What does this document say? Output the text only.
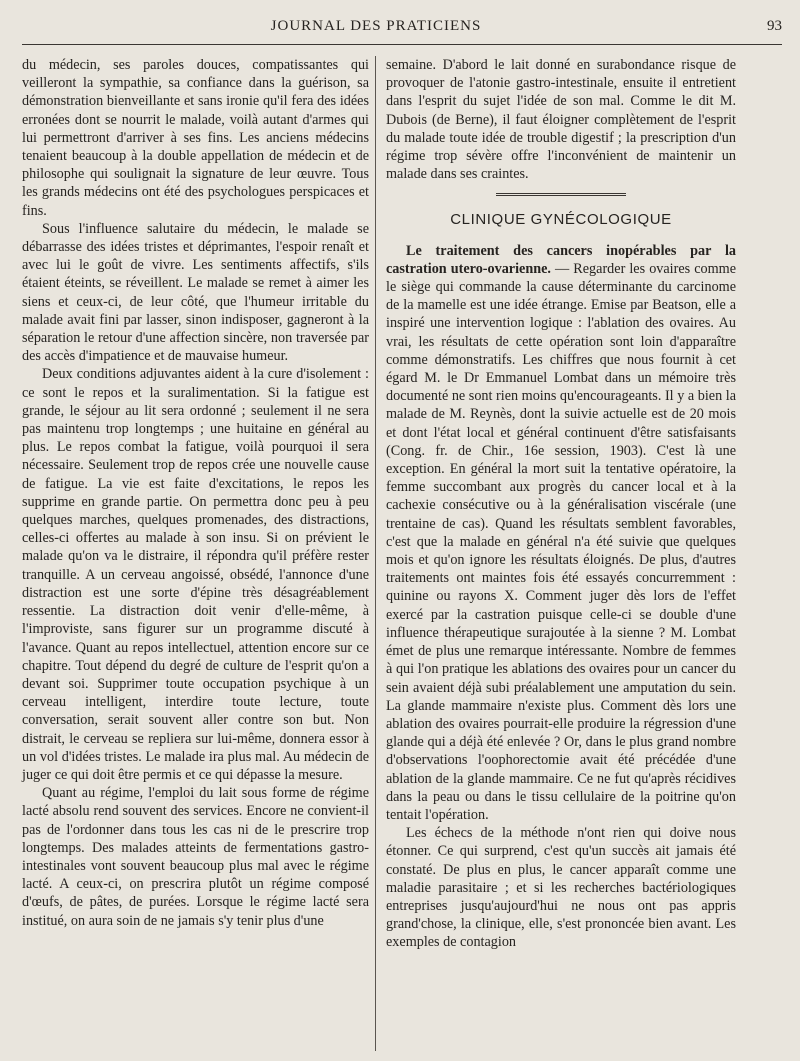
JOURNAL DES PRATICIENS	93

du médecin, ses paroles douces, compatissantes qui veilleront la sympathie, sa confiance dans la guérison, sa démonstration bienveillante et sans ironie qu'il fera des idées erronées dont se nourrit le malade, voilà autant d'armes qui lui permettront d'arriver à ses fins. Les anciens médecins tenaient beaucoup à la double appellation de médecin et de philosophe qui soulignait la signature de leur œuvre. Tous les grands médecins ont été des psychologues perspicaces et fins.

Sous l'influence salutaire du médecin, le malade se débarrasse des idées tristes et déprimantes, l'espoir renaît et avec lui le goût de vivre. Les sentiments affectifs, s'ils étaient éteints, se réveillent. Le malade se remet à aimer les siens et ceux-ci, de leur côté, que l'humeur irritable du malade avait fini par lasser, sinon indisposer, gagneront à la séparation le retour d'une affection sincère, non traversée par des accès d'impatience et de mauvaise humeur.

Deux conditions adjuvantes aident à la cure d'isolement : ce sont le repos et la suralimentation. Si la fatigue est grande, le séjour au lit sera ordonné ; seulement il ne sera pas maintenu trop longtemps ; une huitaine en général au plus. Le repos combat la fatigue, voilà pourquoi il sera nécessaire. Seulement trop de repos crée une nouvelle cause de fatigue. La vie est faite d'excitations, le repos les supprime en grande partie. On permettra donc peu à peu quelques marches, quelques promenades, des distractions, celles-ci offertes au malade à son insu. Si on prévient le malade qu'on va le distraire, il répondra qu'il préfère rester tranquille. A un cerveau angoissé, obsédé, l'annonce d'une distraction est une sorte d'épine très désagréablement ressentie. La distraction doit venir d'elle-même, à l'improviste, sans figurer sur un programme discuté à l'avance. Quant au repos intellectuel, attention encore sur ce chapitre. Tout dépend du degré de culture de l'esprit qu'on a devant soi. Supprimer toute occupation psychique à un cerveau intelligent, interdire toute lecture, toute conversation, serait souvent aller contre son but. Non distrait, le cerveau se repliera sur lui-même, donnera essor à un vol d'idées tristes. Le malade ira plus mal. Au médecin de juger ce qui doit être permis et ce qui dépasse la mesure.

Quant au régime, l'emploi du lait sous forme de régime lacté absolu rend souvent des services. Encore ne convient-il pas de l'ordonner dans tous les cas ni de le prescrire trop longtemps. Des malades atteints de fermentations gastro-intestinales vont souvent beaucoup plus mal avec le régime lacté. A ceux-ci, on prescrira plutôt un régime composé d'œufs, de pâtes, de purées. Lorsque le régime lacté sera institué, on aura soin de ne jamais s'y tenir plus d'une

semaine. D'abord le lait donné en surabondance risque de provoquer de l'atonie gastro-intestinale, ensuite il entretient dans l'esprit du sujet l'idée de son mal. Comme le dit M. Dubois (de Berne), il faut éloigner complètement de l'esprit du malade toute idée de trouble digestif ; la prescription d'un régime trop sévère offre l'inconvénient de maintenir un malade dans ses craintes.

CLINIQUE GYNÉCOLOGIQUE

Le traitement des cancers inopérables par la castration utero-ovarienne. — Regarder les ovaires comme le siège qui commande la cause déterminante du carcinome de la mamelle est une idée étrange. Emise par Beatson, elle a inspiré une intervention logique : l'ablation des ovaires. Au vrai, les résultats de cette opération sont loin d'apparaître comme démonstratifs. Les chiffres que nous fournit à cet égard M. le Dr Emmanuel Lombat dans un mémoire très documenté ne sont rien moins qu'encourageants. Il y a bien la malade de M. Reynès, dont la suivie actuelle est de 20 mois et dont l'état local et général continuent d'être satisfaisants (Cong. fr. de Chir., 16e session, 1903). C'est là une exception. En général la mort suit la tentative opératoire, la femme succombant aux progrès du cancer local et à la cachexie consécutive ou à la généralisation viscérale (une trentaine de cas). Quand les résultats semblent favorables, c'est que la malade en général n'a été suivie que quelques mois et qu'on ignore les résultats éloignés. De plus, d'autres traitements ont maintes fois été essayés concurremment : quinine ou rayons X. Comment juger dès lors de l'effet exercé par la castration puisque celle-ci se double d'une influence thérapeutique surajoutée à la sienne ? M. Lombat émet de plus une remarque intéressante. Nombre de femmes à qui l'on pratique les ablations des ovaires pour un cancer du sein avaient déjà subi préalablement une amputation du sein. La glande mammaire n'existe plus. Comment dès lors une ablation des ovaires pourrait-elle produire la régression d'une glande qui a déjà été enlevée ? Or, dans le plus grand nombre d'observations l'oophorectomie avait été précédée d'une ablation de la glande mammaire. Ce ne fut qu'après récidives dans la peau ou dans le tissu cellulaire de la poitrine qu'on tentait l'opération.

Les échecs de la méthode n'ont rien qui doive nous étonner. Ce qui surprend, c'est qu'un succès ait jamais été constaté. De plus en plus, le cancer apparaît comme une maladie parasitaire ; et si les recherches bactériologiques entreprises jusqu'aujourd'hui ne nous ont pas appris grand'chose, la clinique, elle, s'est prononcée bien avant. Les exemples de contagion
